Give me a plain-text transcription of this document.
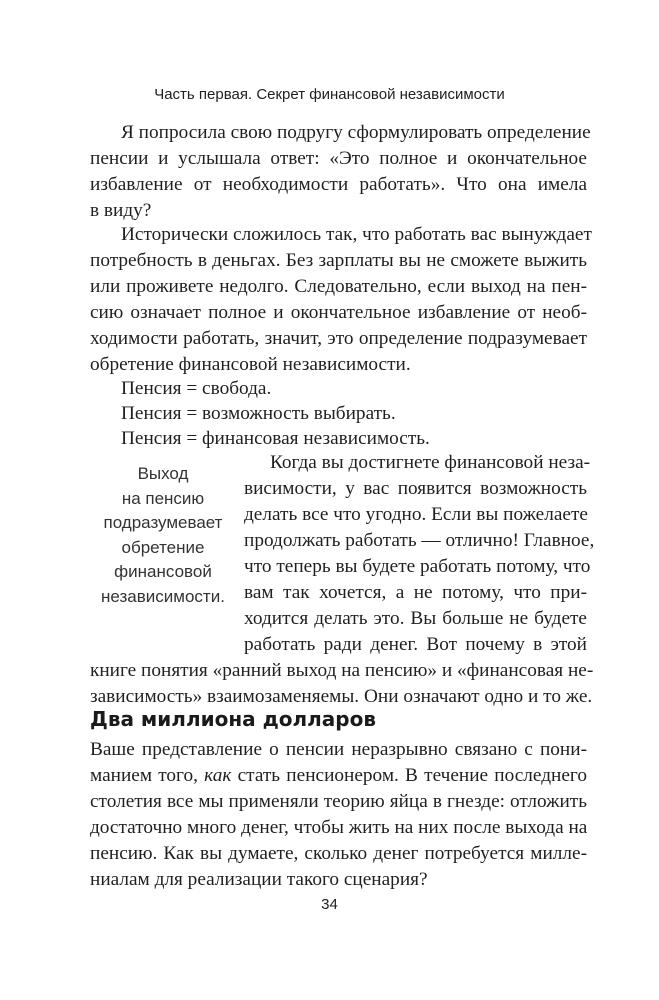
Часть первая. Секрет финансовой независимости
Я попросила свою подругу сформулировать определение
пенсии и услышала ответ: «Это полное и окончательное
избавление от необходимости работать». Что она имела
в виду?
Исторически сложилось так, что работать вас вынуждает
потребность в деньгах. Без зарплаты вы не сможете выжить
или проживете недолго. Следовательно, если выход на пен-
сию означает полное и окончательное избавление от необ-
ходимости работать, значит, это определение подразумевает
обретение финансовой независимости.
Пенсия = свобода.
Пенсия = возможность выбирать.
Пенсия = финансовая независимость.
Выход
на пенсию
подразумевает
обретение
финансовой
независимости.
Когда вы достигнете финансовой неза-
висимости, у вас появится возможность
делать все что угодно. Если вы пожелаете
продолжать работать — отлично! Главное,
что теперь вы будете работать потому, что
вам так хочется, а не потому, что при-
ходится делать это. Вы больше не будете
работать ради денег. Вот почему в этой
книге понятия «ранний выход на пенсию» и «финансовая не-
зависимость» взаимозаменяемы. Они означают одно и то же.
Два миллиона долларов
Ваше представление о пенсии неразрывно связано с пони-
манием того, как стать пенсионером. В течение последнего
столетия все мы применяли теорию яйца в гнезде: отложить
достаточно много денег, чтобы жить на них после выхода на
пенсию. Как вы думаете, сколько денег потребуется милле-
ниалам для реализации такого сценария?
34
